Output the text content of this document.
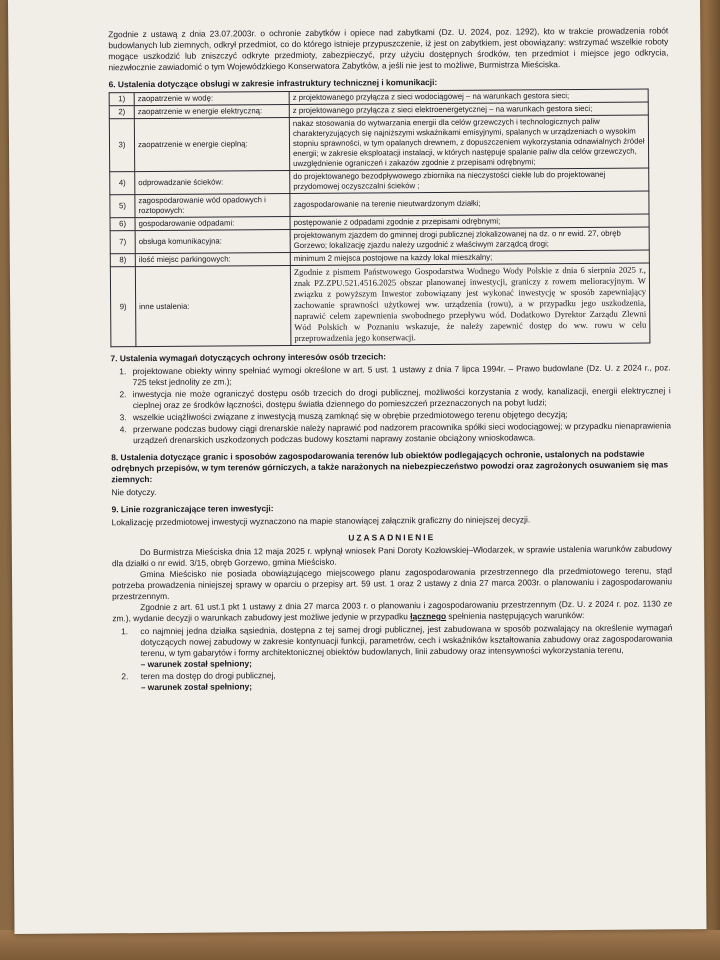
Zgodnie z ustawą z dnia 23.07.2003r. o ochronie zabytków i opiece nad zabytkami (Dz. U. 2024, poz. 1292), kto w trakcie prowadzenia robót budowlanych lub ziemnych, odkrył przedmiot, co do którego istnieje przypuszczenie, iż jest on zabytkiem, jest obowiązany: wstrzymać wszelkie roboty mogące uszkodzić lub zniszczyć odkryte przedmioty, zabezpieczyć, przy użyciu dostępnych środków, ten przedmiot i miejsce jego odkrycia, niezwłocznie zawiadomić o tym Wojewódzkiego Konserwatora Zabytków, a jeśli nie jest to możliwe, Burmistrza Mieściska.

6. Ustalenia dotyczące obsługi w zakresie infrastruktury technicznej i komunikacji:

1)	zaopatrzenie w wodę:	z projektowanego przyłącza z sieci wodociągowej – na warunkach gestora sieci;
2)	zaopatrzenie w energie elektryczną:	z projektowanego przyłącza z sieci elektroenergetycznej – na warunkach gestora sieci;
3)	zaopatrzenie w energie cieplną:	nakaz stosowania do wytwarzania energii dla celów grzewczych i technologicznych paliw charakteryzujących się najniższymi wskaźnikami emisyjnymi, spalanych w urządzeniach o wysokim stopniu sprawności, w tym opalanych drewnem, z dopuszczeniem wykorzystania odnawialnych źródeł energii; w zakresie eksploatacji instalacji, w których następuje spalanie paliw dla celów grzewczych, uwzględnienie ograniczeń i zakazów zgodnie z przepisami odrębnymi;
4)	odprowadzanie ścieków:	do projektowanego bezodpływowego zbiornika na nieczystości ciekłe lub do projektowanej przydomowej oczyszczalni ścieków ;
5)	zagospodarowanie wód opadowych i roztopowych:	zagospodarowanie na terenie nieutwardzonym działki;
6)	gospodarowanie odpadami:	postępowanie z odpadami zgodnie z przepisami odrębnymi;
7)	obsługa komunikacyjna:	projektowanym zjazdem do gminnej drogi publicznej zlokalizowanej na dz. o nr ewid. 27, obręb Gorzewo; lokalizację zjazdu należy uzgodnić z właściwym zarządcą drogi;
8)	ilość miejsc parkingowych:	minimum 2 miejsca postojowe na każdy lokal mieszkalny;
9)	inne ustalenia:	Zgodnie z pismem Państwowego Gospodarstwa Wodnego Wody Polskie z dnia 6 sierpnia 2025 r., znak PZ.ZPU.521.4516.2025 obszar planowanej inwestycji, graniczy z rowem melioracyjnym. W związku z powyższym Inwestor zobowiązany jest wykonać inwestycję w sposób zapewniający zachowanie sprawności użytkowej ww. urządzenia (rowu), a w przypadku jego uszkodzenia, naprawić celem zapewnienia swobodnego przepływu wód. Dodatkowo Dyrektor Zarządu Zlewni Wód Polskich w Poznaniu wskazuje, że należy zapewnić dostęp do ww. rowu w celu przeprowadzenia jego konserwacji.

7. Ustalenia wymagań dotyczących ochrony interesów osób trzecich:

1. projektowane obiekty winny spełniać wymogi określone w art. 5 ust. 1 ustawy z dnia 7 lipca 1994r. – Prawo budowlane (Dz. U. z 2024 r., poz. 725 tekst jednolity ze zm.);
2. inwestycja nie może ograniczyć dostępu osób trzecich do drogi publicznej, możliwości korzystania z wody, kanalizacji, energii elektrycznej i cieplnej oraz ze środków łączności, dostępu światła dziennego do pomieszczeń przeznaczonych na pobyt ludzi;
3. wszelkie uciążliwości związane z inwestycją muszą zamknąć się w obrębie przedmiotowego terenu objętego decyzją;
4. przerwane podczas budowy ciągi drenarskie należy naprawić pod nadzorem pracownika spółki sieci wodociągowej; w przypadku nienaprawienia urządzeń drenarskich uszkodzonych podczas budowy kosztami naprawy zostanie obciążony wnioskodawca.

8. Ustalenia dotyczące granic i sposobów zagospodarowania terenów lub obiektów podlegających ochronie, ustalonych na podstawie odrębnych przepisów, w tym terenów górniczych, a także narażonych na niebezpieczeństwo powodzi oraz zagrożonych osuwaniem się mas ziemnych:

Nie dotyczy.

9. Linie rozgraniczające teren inwestycji:

Lokalizację przedmiotowej inwestycji wyznaczono na mapie stanowiącej załącznik graficzny do niniejszej decyzji.

UZASADNIENIE

Do Burmistrza Mieściska dnia 12 maja 2025 r. wpłynął wniosek Pani Doroty Kozłowskiej–Włodarzek, w sprawie ustalenia warunków zabudowy dla działki o nr ewid. 3/15, obręb Gorzewo, gmina Mieścisko.

Gmina Mieścisko nie posiada obowiązującego miejscowego planu zagospodarowania przestrzennego dla przedmiotowego terenu, stąd potrzeba prowadzenia niniejszej sprawy w oparciu o przepisy art. 59 ust. 1 oraz 2 ustawy z dnia 27 marca 2003r. o planowaniu i zagospodarowaniu przestrzennym.

Zgodnie z art. 61 ust.1 pkt 1 ustawy z dnia 27 marca 2003 r. o planowaniu i zagospodarowaniu przestrzennym (Dz. U. z 2024 r. poz. 1130 ze zm.), wydanie decyzji o warunkach zabudowy jest możliwe jedynie w przypadku łącznego spełnienia następujących warunków:

1. co najmniej jedna działka sąsiednia, dostępna z tej samej drogi publicznej, jest zabudowana w sposób pozwalający na określenie wymagań dotyczących nowej zabudowy w zakresie kontynuacji funkcji, parametrów, cech i wskaźników kształtowania zabudowy oraz zagospodarowania terenu, w tym gabarytów i formy architektonicznej obiektów budowlanych, linii zabudowy oraz intensywności wykorzystania terenu,
– warunek został spełniony;
2. teren ma dostęp do drogi publicznej,
– warunek został spełniony;
